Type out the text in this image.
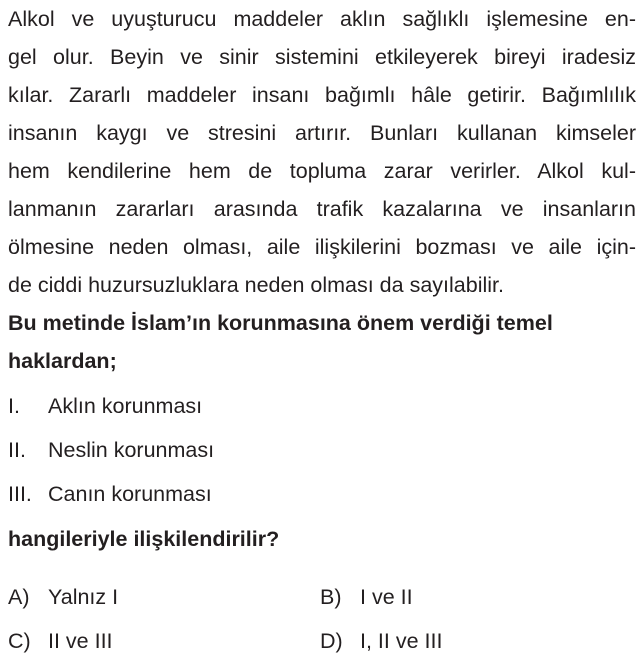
Alkol ve uyuşturucu maddeler aklın sağlıklı işlemesine en-
gel olur. Beyin ve sinir sistemini etkileyerek bireyi iradesiz
kılar. Zararlı maddeler insanı bağımlı hâle getirir. Bağımlılık
insanın kaygı ve stresini artırır. Bunları kullanan kimseler
hem kendilerine hem de topluma zarar verirler. Alkol kul-
lanmanın zararları arasında trafik kazalarına ve insanların
ölmesine neden olması, aile ilişkilerini bozması ve aile için-
de ciddi huzursuzluklara neden olması da sayılabilir.
Bu metinde İslam’ın korunmasına önem verdiği temel
haklardan;
I.	Aklın korunması
II.	Neslin korunması
III. Canın korunması
hangileriyle ilişkilendirilir?
A) Yalnız I	B) I ve II
C) II ve III	D) I, II ve III
